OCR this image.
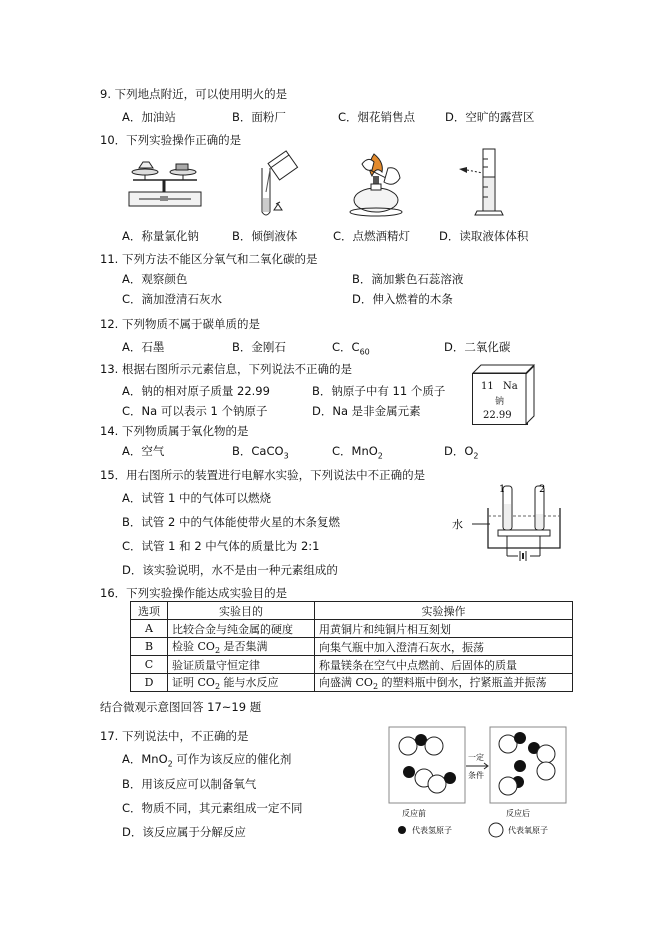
9. 下列地点附近，可以使用明火的是
A．加油站	B．面粉厂	C．烟花销售点	D．空旷的露营区
10．下列实验操作正确的是
A．称量氯化钠	B．倾倒液体	C．点燃酒精灯	D．读取液体体积
11. 下列方法不能区分氧气和二氧化碳的是
A．观察颜色	B．滴加紫色石蕊溶液
C．滴加澄清石灰水	D．伸入燃着的木条
12. 下列物质不属于碳单质的是
A．石墨	B．金刚石	C．$C_{60}$	D．二氧化碳
13. 根据右图所示元素信息，下列说法不正确的是
A．钠的相对原子质量 22.99	B．钠原子中有 11 个质子
C．Na 可以表示 1 个钠原子	D．Na 是非金属元素
11 Na
钠
22.99
14. 下列物质属于氧化物的是
A．空气	B．CaCO$_3$	C．MnO$_2$	D．$O_2$
15．用右图所示的装置进行电解水实验，下列说法中不正确的是
A．试管 1 中的气体可以燃烧
B．试管 2 中的气体能使带火星的木条复燃
C．试管 1 和 2 中气体的质量比为 2:1
D．该实验说明，水不是由一种元素组成的
1	2
水
16．下列实验操作能达成实验目的是
选项	实验目的	实验操作
A	比较合金与纯金属的硬度	用黄铜片和纯铜片相互刻划
B	检验 $CO_2$ 是否集满	向集气瓶中加入澄清石灰水，振荡
C	验证质量守恒定律	称量镁条在空气中点燃前、后固体的质量
D	证明 $CO_2$ 能与水反应	向盛满 $CO_2$ 的塑料瓶中倒水，拧紧瓶盖并振荡
结合微观示意图回答 17~19 题
17. 下列说法中，不正确的是
A．MnO$_2$ 可作为该反应的催化剂
B．用该反应可以制备氧气
C．物质不同，其元素组成一定不同
D．该反应属于分解反应
一定
条件
反应前	反应后
代表氢原子	代表氧原子
